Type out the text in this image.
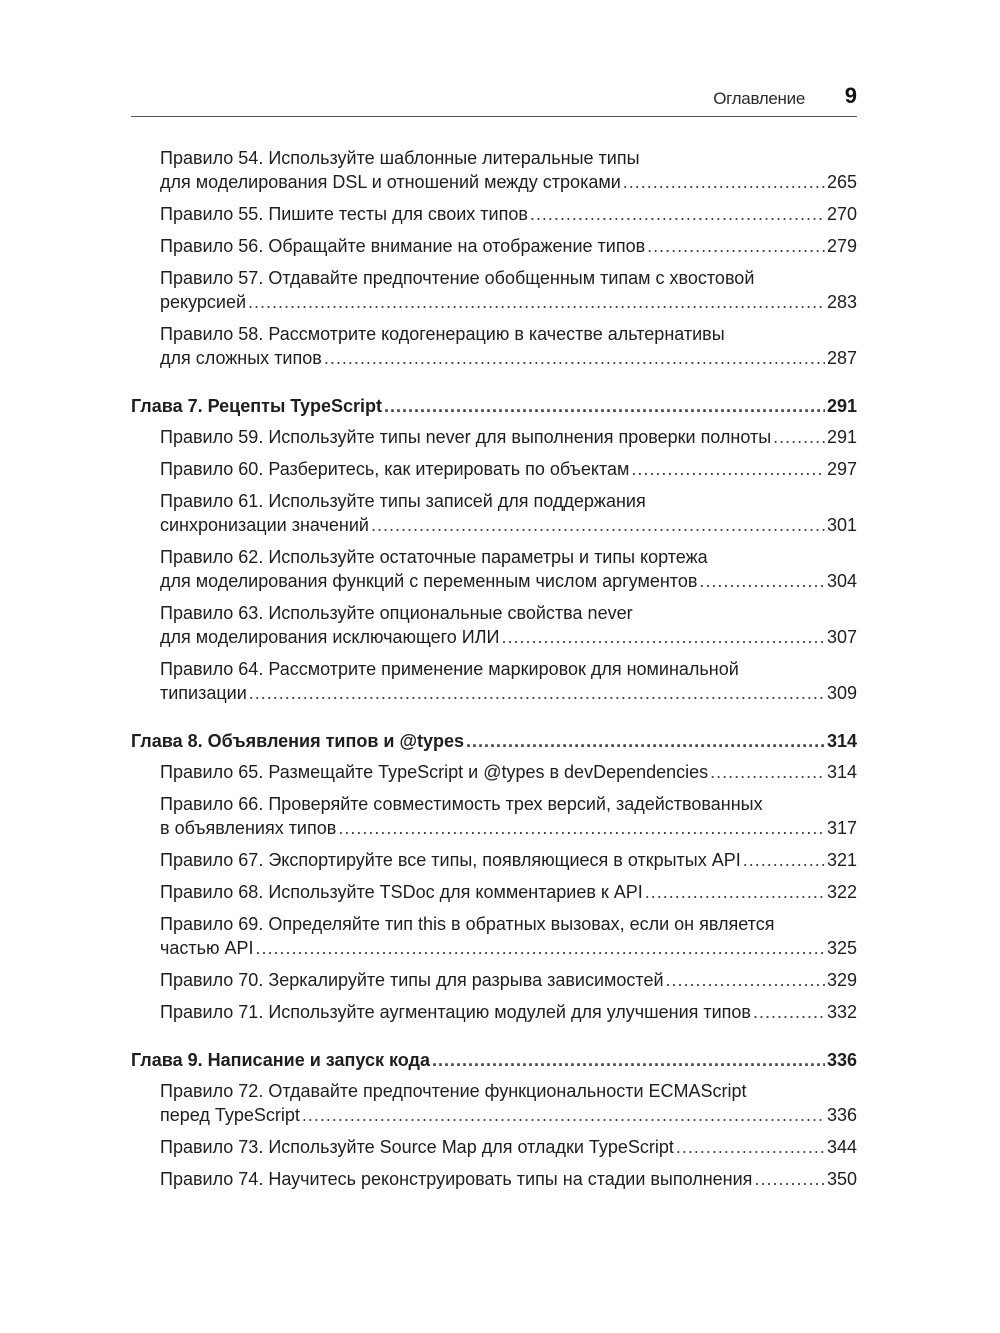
Оглавление 9
Правило 54. Используйте шаблонные литеральные типы
для моделирования DSL и отношений между строками .....	265
Правило 55. Пишите тесты для своих типов .....	270
Правило 56. Обращайте внимание на отображение типов .....	279
Правило 57. Отдавайте предпочтение обобщенным типам с хвостовой
рекурсией .....	283
Правило 58. Рассмотрите кодогенерацию в качестве альтернативы
для сложных типов .....	287
Глава 7. Рецепты TypeScript .....	291
Правило 59. Используйте типы never для выполнения проверки полноты .....	291
Правило 60. Разберитесь, как итерировать по объектам .....	297
Правило 61. Используйте типы записей для поддержания
синхронизации значений .....	301
Правило 62. Используйте остаточные параметры и типы кортежа
для моделирования функций с переменным числом аргументов .....	304
Правило 63. Используйте опциональные свойства never
для моделирования исключающего ИЛИ .....	307
Правило 64. Рассмотрите применение маркировок для номинальной
типизации .....	309
Глава 8. Объявления типов и @types .....	314
Правило 65. Размещайте TypeScript и @types в devDependencies .....	314
Правило 66. Проверяйте совместимость трех версий, задействованных
в объявлениях типов .....	317
Правило 67. Экспортируйте все типы, появляющиеся в открытых API .....	321
Правило 68. Используйте TSDoc для комментариев к API .....	322
Правило 69. Определяйте тип this в обратных вызовах, если он является
частью API .....	325
Правило 70. Зеркалируйте типы для разрыва зависимостей .....	329
Правило 71. Используйте аугментацию модулей для улучшения типов .....	332
Глава 9. Написание и запуск кода .....	336
Правило 72. Отдавайте предпочтение функциональности ECMAScript
перед TypeScript .....	336
Правило 73. Используйте Source Map для отладки TypeScript .....	344
Правило 74. Научитесь реконструировать типы на стадии выполнения .....	350
